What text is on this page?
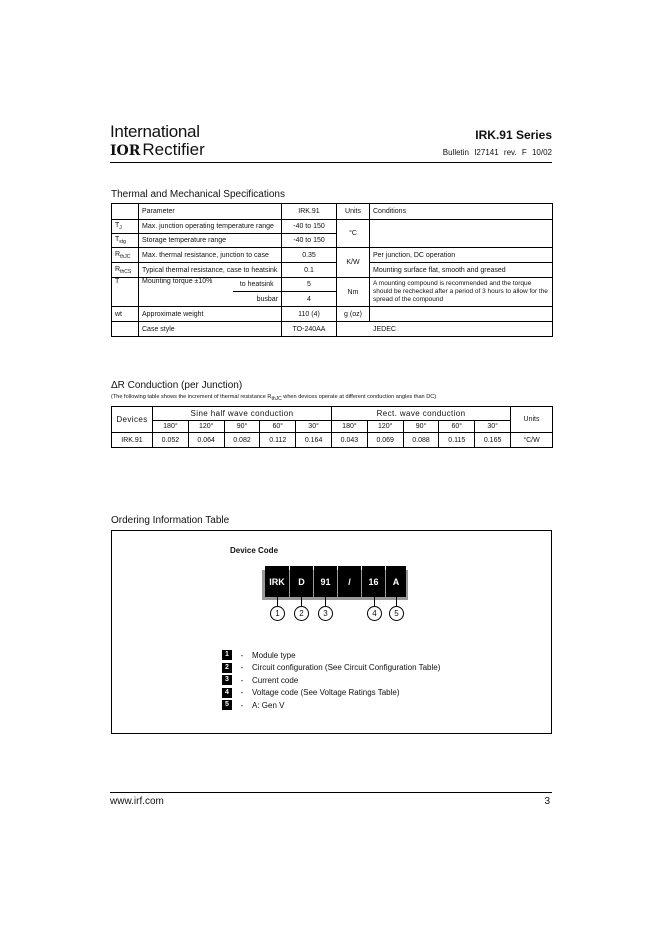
International
IOR Rectifier
IRK.91 Series
Bulletin I27141 rev. F 10/02
Thermal and Mechanical Specifications
	Parameter		IRK.91	Units	Conditions
$T_J$	Max. junction operating temperature range		-40 to 150	°C	
$T_{stg}$	Storage temperature range		-40 to 150		
$R_{thJC}$	Max. thermal resistance, junction to case		0.35	K/W	Per junction, DC operation
$R_{thCS}$	Typical thermal resistance, case to heatsink		0.1		Mounting surface flat, smooth and greased
T	Mounting torque ±10%	to heatsink	5	Nm	A mounting compound is recommended and the torque should be rechecked after a period of 3 hours to allow for the spread of the compound
		busbar	4		
wt	Approximate weight		110 (4)	g (oz)	
	Case style		TO-240AA	JEDEC	
ΔR Conduction (per Junction)
(The following table shows the increment of thermal resistance RthJC when devices operate at different conduction angles than DC)
Devices	Sine half wave conduction					Rect. wave conduction					Units
	180°	120°	90°	60°	30°	180°	120°	90°	60°	30°	
IRK.91	0.052	0.064	0.082	0.112	0.164	0.043	0.069	0.088	0.115	0.165	°C/W
Ordering Information Table
Device Code
IRK	D	91	/	16	A
1	2	3	4	5
1	-	Module type
2	-	Circuit configuration (See Circuit Configuration Table)
3	-	Current code
4	-	Voltage code (See Voltage Ratings Table)
5	-	A: Gen V
www.irf.com	3
